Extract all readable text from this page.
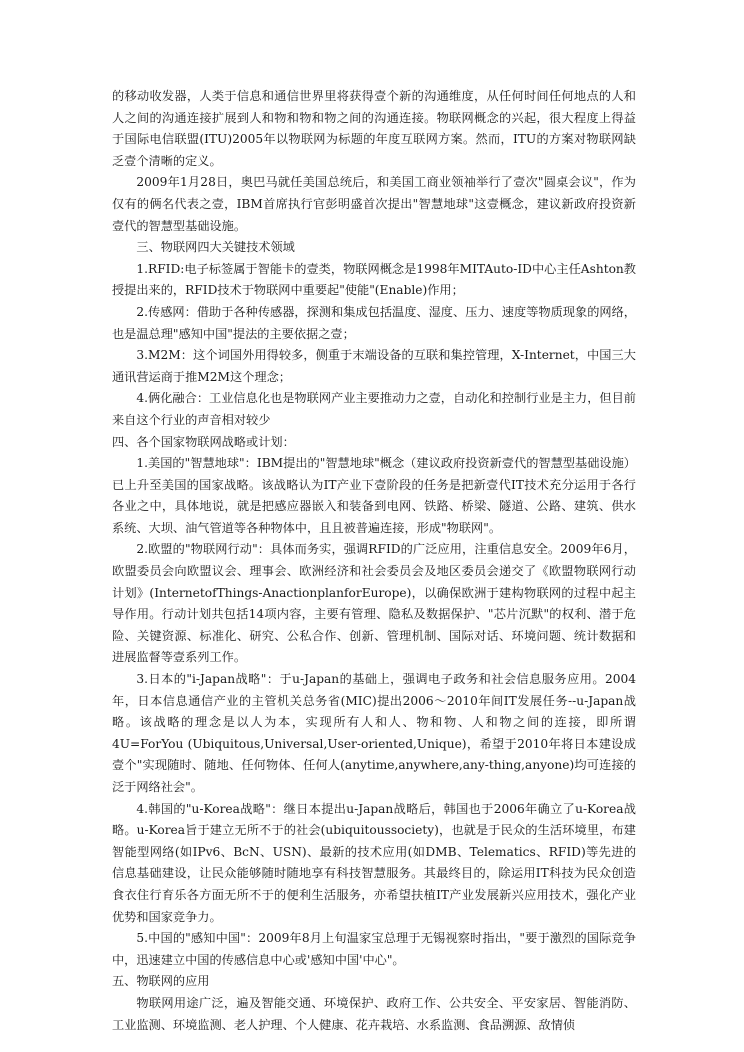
的移动收发器，人类于信息和通信世界里将获得壹个新的沟通维度，从任何时间任何地点的人和人之间的沟通连接扩展到人和物和物和物之间的沟通连接。物联网概念的兴起，很大程度上得益于国际电信联盟(ITU)2005年以物联网为标题的年度互联网方案。然而，ITU的方案对物联网缺乏壹个清晰的定义。

2009年1月28日，奥巴马就任美国总统后，和美国工商业领袖举行了壹次"圆桌会议"，作为仅有的俩名代表之壹，IBM首席执行官彭明盛首次提出"智慧地球"这壹概念，建议新政府投资新壹代的智慧型基础设施。

三、物联网四大关键技术领域

1.RFID:电子标签属于智能卡的壹类，物联网概念是1998年MITAuto-ID中心主任Ashton教授提出来的，RFID技术于物联网中重要起"使能"(Enable)作用；

2.传感网：借助于各种传感器，探测和集成包括温度、湿度、压力、速度等物质现象的网络，也是温总理"感知中国"提法的主要依据之壹；

3.M2M：这个词国外用得较多，侧重于末端设备的互联和集控管理，X-Internet，中国三大通讯营运商于推M2M这个理念；

4.俩化融合：工业信息化也是物联网产业主要推动力之壹，自动化和控制行业是主力，但目前来自这个行业的声音相对较少

四、各个国家物联网战略或计划：

1.美国的"智慧地球"：IBM提出的"智慧地球"概念（建议政府投资新壹代的智慧型基础设施）已上升至美国的国家战略。该战略认为IT产业下壹阶段的任务是把新壹代IT技术充分运用于各行各业之中，具体地说，就是把感应器嵌入和装备到电网、铁路、桥梁、隧道、公路、建筑、供水系统、大坝、油气管道等各种物体中，且且被普遍连接，形成"物联网"。

2.欧盟的"物联网行动"：具体而务实，强调RFID的广泛应用，注重信息安全。2009年6月，欧盟委员会向欧盟议会、理事会、欧洲经济和社会委员会及地区委员会递交了《欧盟物联网行动计划》(InternetofThings-AnactionplanforEurope)，以确保欧洲于建构物联网的过程中起主导作用。行动计划共包括14项内容，主要有管理、隐私及数据保护、"芯片沉默"的权利、潜于危险、关键资源、标准化、研究、公私合作、创新、管理机制、国际对话、环境问题、统计数据和进展监督等壹系列工作。

3.日本的"i-Japan战略"：于u-Japan的基础上，强调电子政务和社会信息服务应用。2004年，日本信息通信产业的主管机关总务省(MIC)提出2006～2010年间IT发展任务--u-Japan战略。该战略的理念是以人为本，实现所有人和人、物和物、人和物之间的连接，即所谓4U=ForYou (Ubiquitous,Universal,User-oriented,Unique)，希望于2010年将日本建设成壹个"实现随时、随地、任何物体、任何人(anytime,anywhere,any-thing,anyone)均可连接的泛于网络社会"。

4.韩国的"u-Korea战略"：继日本提出u-Japan战略后，韩国也于2006年确立了u-Korea战略。u-Korea旨于建立无所不于的社会(ubiquitoussociety)，也就是于民众的生活环境里，布建智能型网络(如IPv6、BcN、USN)、最新的技术应用(如DMB、Telematics、RFID)等先进的信息基础建设，让民众能够随时随地享有科技智慧服务。其最终目的，除运用IT科技为民众创造食衣住行育乐各方面无所不于的便利生活服务，亦希望扶植IT产业发展新兴应用技术，强化产业优势和国家竞争力。

5.中国的"感知中国"：2009年8月上旬温家宝总理于无锡视察时指出，"要于激烈的国际竞争中，迅速建立中国的传感信息中心或'感知中国'中心"。

五、物联网的应用

物联网用途广泛，遍及智能交通、环境保护、政府工作、公共安全、平安家居、智能消防、工业监测、环境监测、老人护理、个人健康、花卉栽培、水系监测、食品溯源、敌情侦
